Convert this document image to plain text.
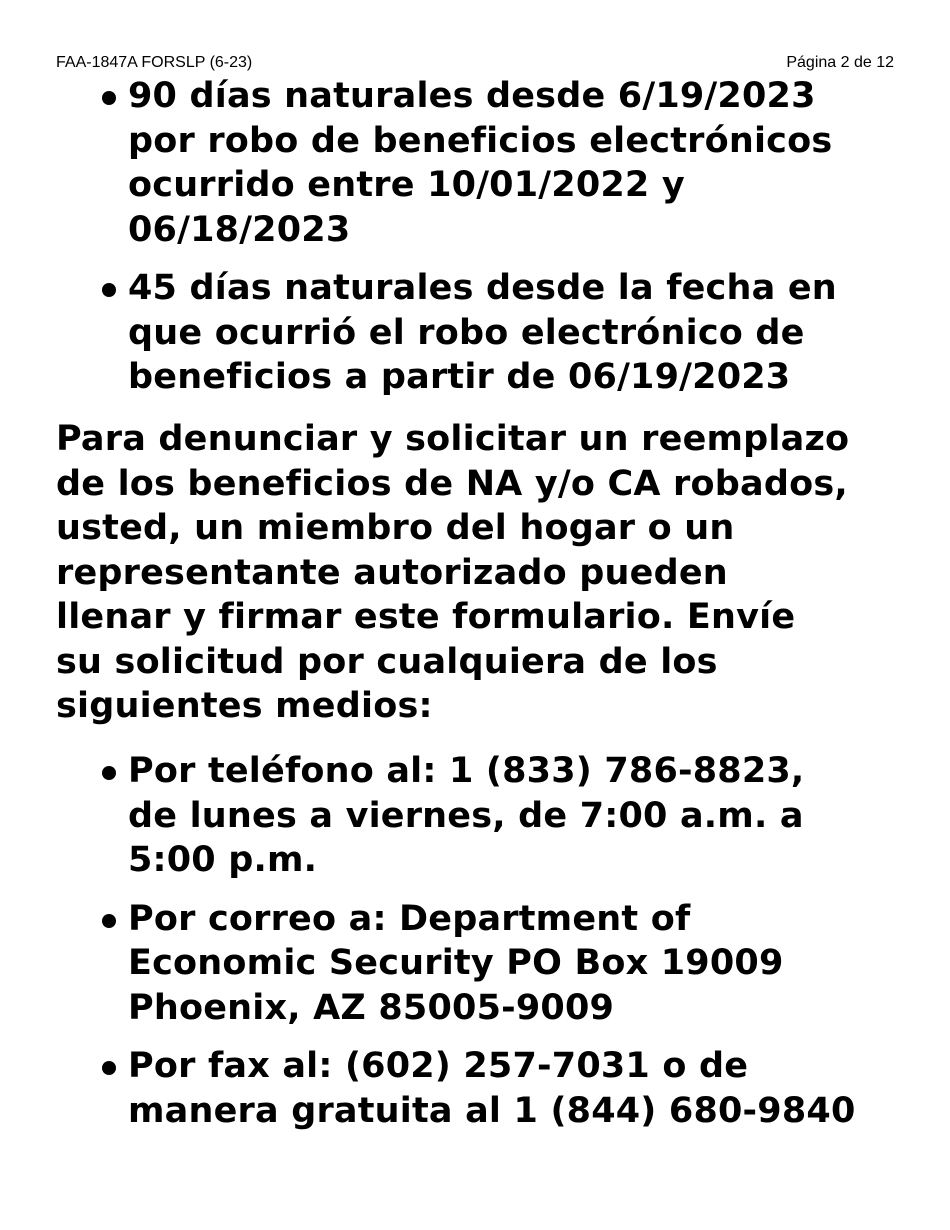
FAA-1847A FORSLP (6-23)	Página 2 de 12
90 días naturales desde 6/19/2023
por robo de beneficios electrónicos
ocurrido entre 10/01/2022 y
06/18/2023
45 días naturales desde la fecha en
que ocurrió el robo electrónico de
beneficios a partir de 06/19/2023
Para denunciar y solicitar un reemplazo
de los beneficios de NA y/o CA robados,
usted, un miembro del hogar o un
representante autorizado pueden
llenar y firmar este formulario. Envíe
su solicitud por cualquiera de los
siguientes medios:
Por teléfono al: 1 (833) 786-8823,
de lunes a viernes, de 7:00 a.m. a
5:00 p.m.
Por correo a: Department of
Economic Security PO Box 19009
Phoenix, AZ 85005-9009
Por fax al: (602) 257-7031 o de
manera gratuita al 1 (844) 680-9840
